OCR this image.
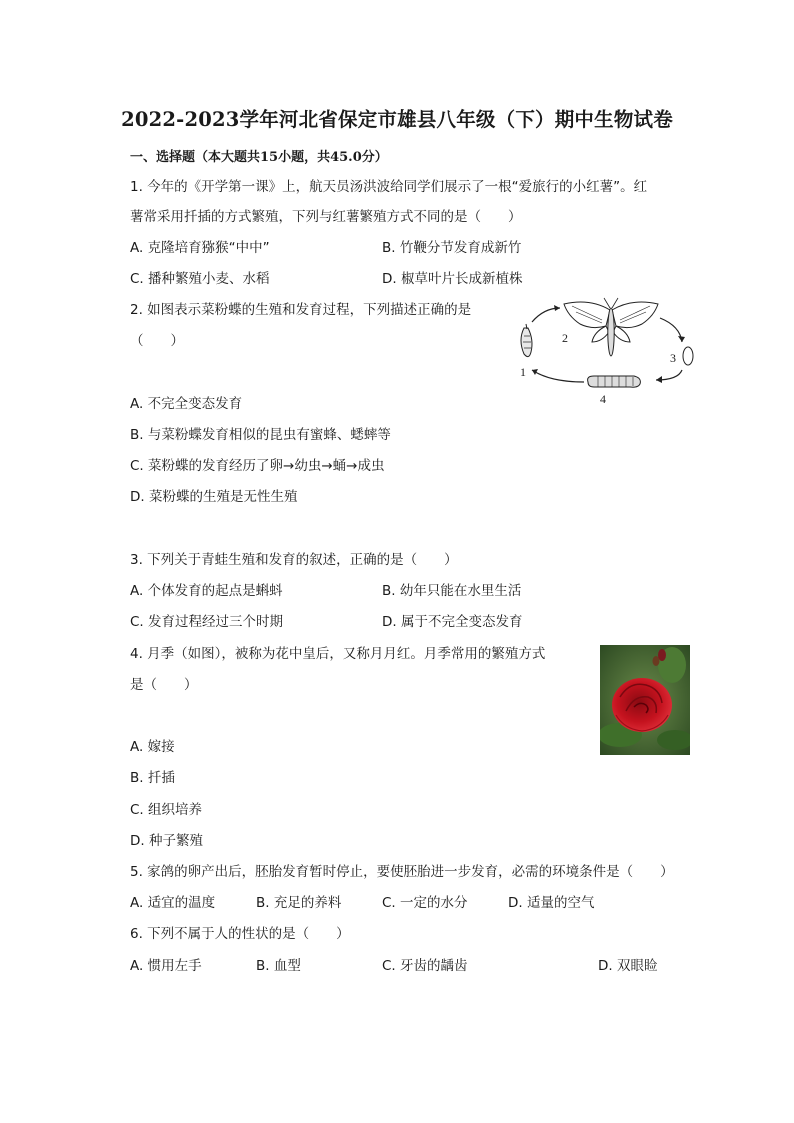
2022-2023学年河北省保定市雄县八年级（下）期中生物试卷
一、选择题（本大题共15小题，共45.0分）
1. 今年的《开学第一课》上，航天员汤洪波给同学们展示了一根“爱旅行的小红薯”。红
薯常采用扦插的方式繁殖，下列与红薯繁殖方式不同的是（　　）
A. 克隆培育猕猴“中中”	B. 竹鞭分节发育成新竹
C. 播种繁殖小麦、水稻	D. 椒草叶片长成新植株
2. 如图表示菜粉蝶的生殖和发育过程，下列描述正确的是
（　　）
1
2
3
4
A. 不完全变态发育
B. 与菜粉蝶发育相似的昆虫有蜜蜂、蟋蟀等
C. 菜粉蝶的发育经历了卵→幼虫→蛹→成虫
D. 菜粉蝶的生殖是无性生殖
3. 下列关于青蛙生殖和发育的叙述，正确的是（　　）
A. 个体发育的起点是蝌蚪	B. 幼年只能在水里生活
C. 发育过程经过三个时期	D. 属于不完全变态发育
4. 月季（如图），被称为花中皇后，又称月月红。月季常用的繁殖方式
是（　　）
A. 嫁接
B. 扦插
C. 组织培养
D. 种子繁殖
5. 家鸽的卵产出后，胚胎发育暂时停止，要使胚胎进一步发育，必需的环境条件是（　　）
A. 适宜的温度	B. 充足的养料	C. 一定的水分	D. 适量的空气
6. 下列不属于人的性状的是（　　）
A. 惯用左手	B. 血型	C. 牙齿的龋齿	D. 双眼睑
